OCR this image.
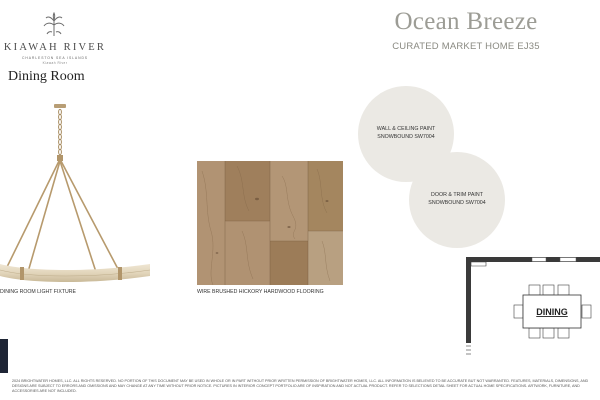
KIAWAH RIVER
CHARLESTON SEA ISLANDS
Kiawah River
Dining Room
Ocean Breeze
CURATED MARKET HOME EJ35
DINING ROOM LIGHT FIXTURE	WIRE BRUSHED HICKORY HARDWOOD FLOORING
WALL & CEILING PAINT
SNOWBOUND SW7004
DOOR & TRIM PAINT
SNOWBOUND SW7004
DINING
2024 BRIGHTWATER HOMES, LLC. ALL RIGHTS RESERVED. NO PORTION OF THIS DOCUMENT MAY BE USED IN WHOLE OR IN PART WITHOUT PRIOR WRITTEN PERMISSION OF BRIGHTWATER HOMES, LLC. ALL INFORMATION IS BELIEVED TO BE ACCURATE BUT NOT WARRANTED. FEATURES, MATERIALS, DIMENSIONS, AND DESIGNS ARE SUBJECT TO ERRORS AND OMISSIONS AND MAY CHANGE AT ANY TIME WITHOUT PRIOR NOTICE. PICTURES IN INTERIOR CONCEPT PORTFOLIO ARE OF INSPIRATION AND NOT ACTUAL PRODUCT. REFER TO SELECTIONS DETAIL SHEET FOR ACTUAL HOME SPECIFICATIONS. ARTWORK, FURNITURE, AND ACCESSORIES ARE NOT INCLUDED.
